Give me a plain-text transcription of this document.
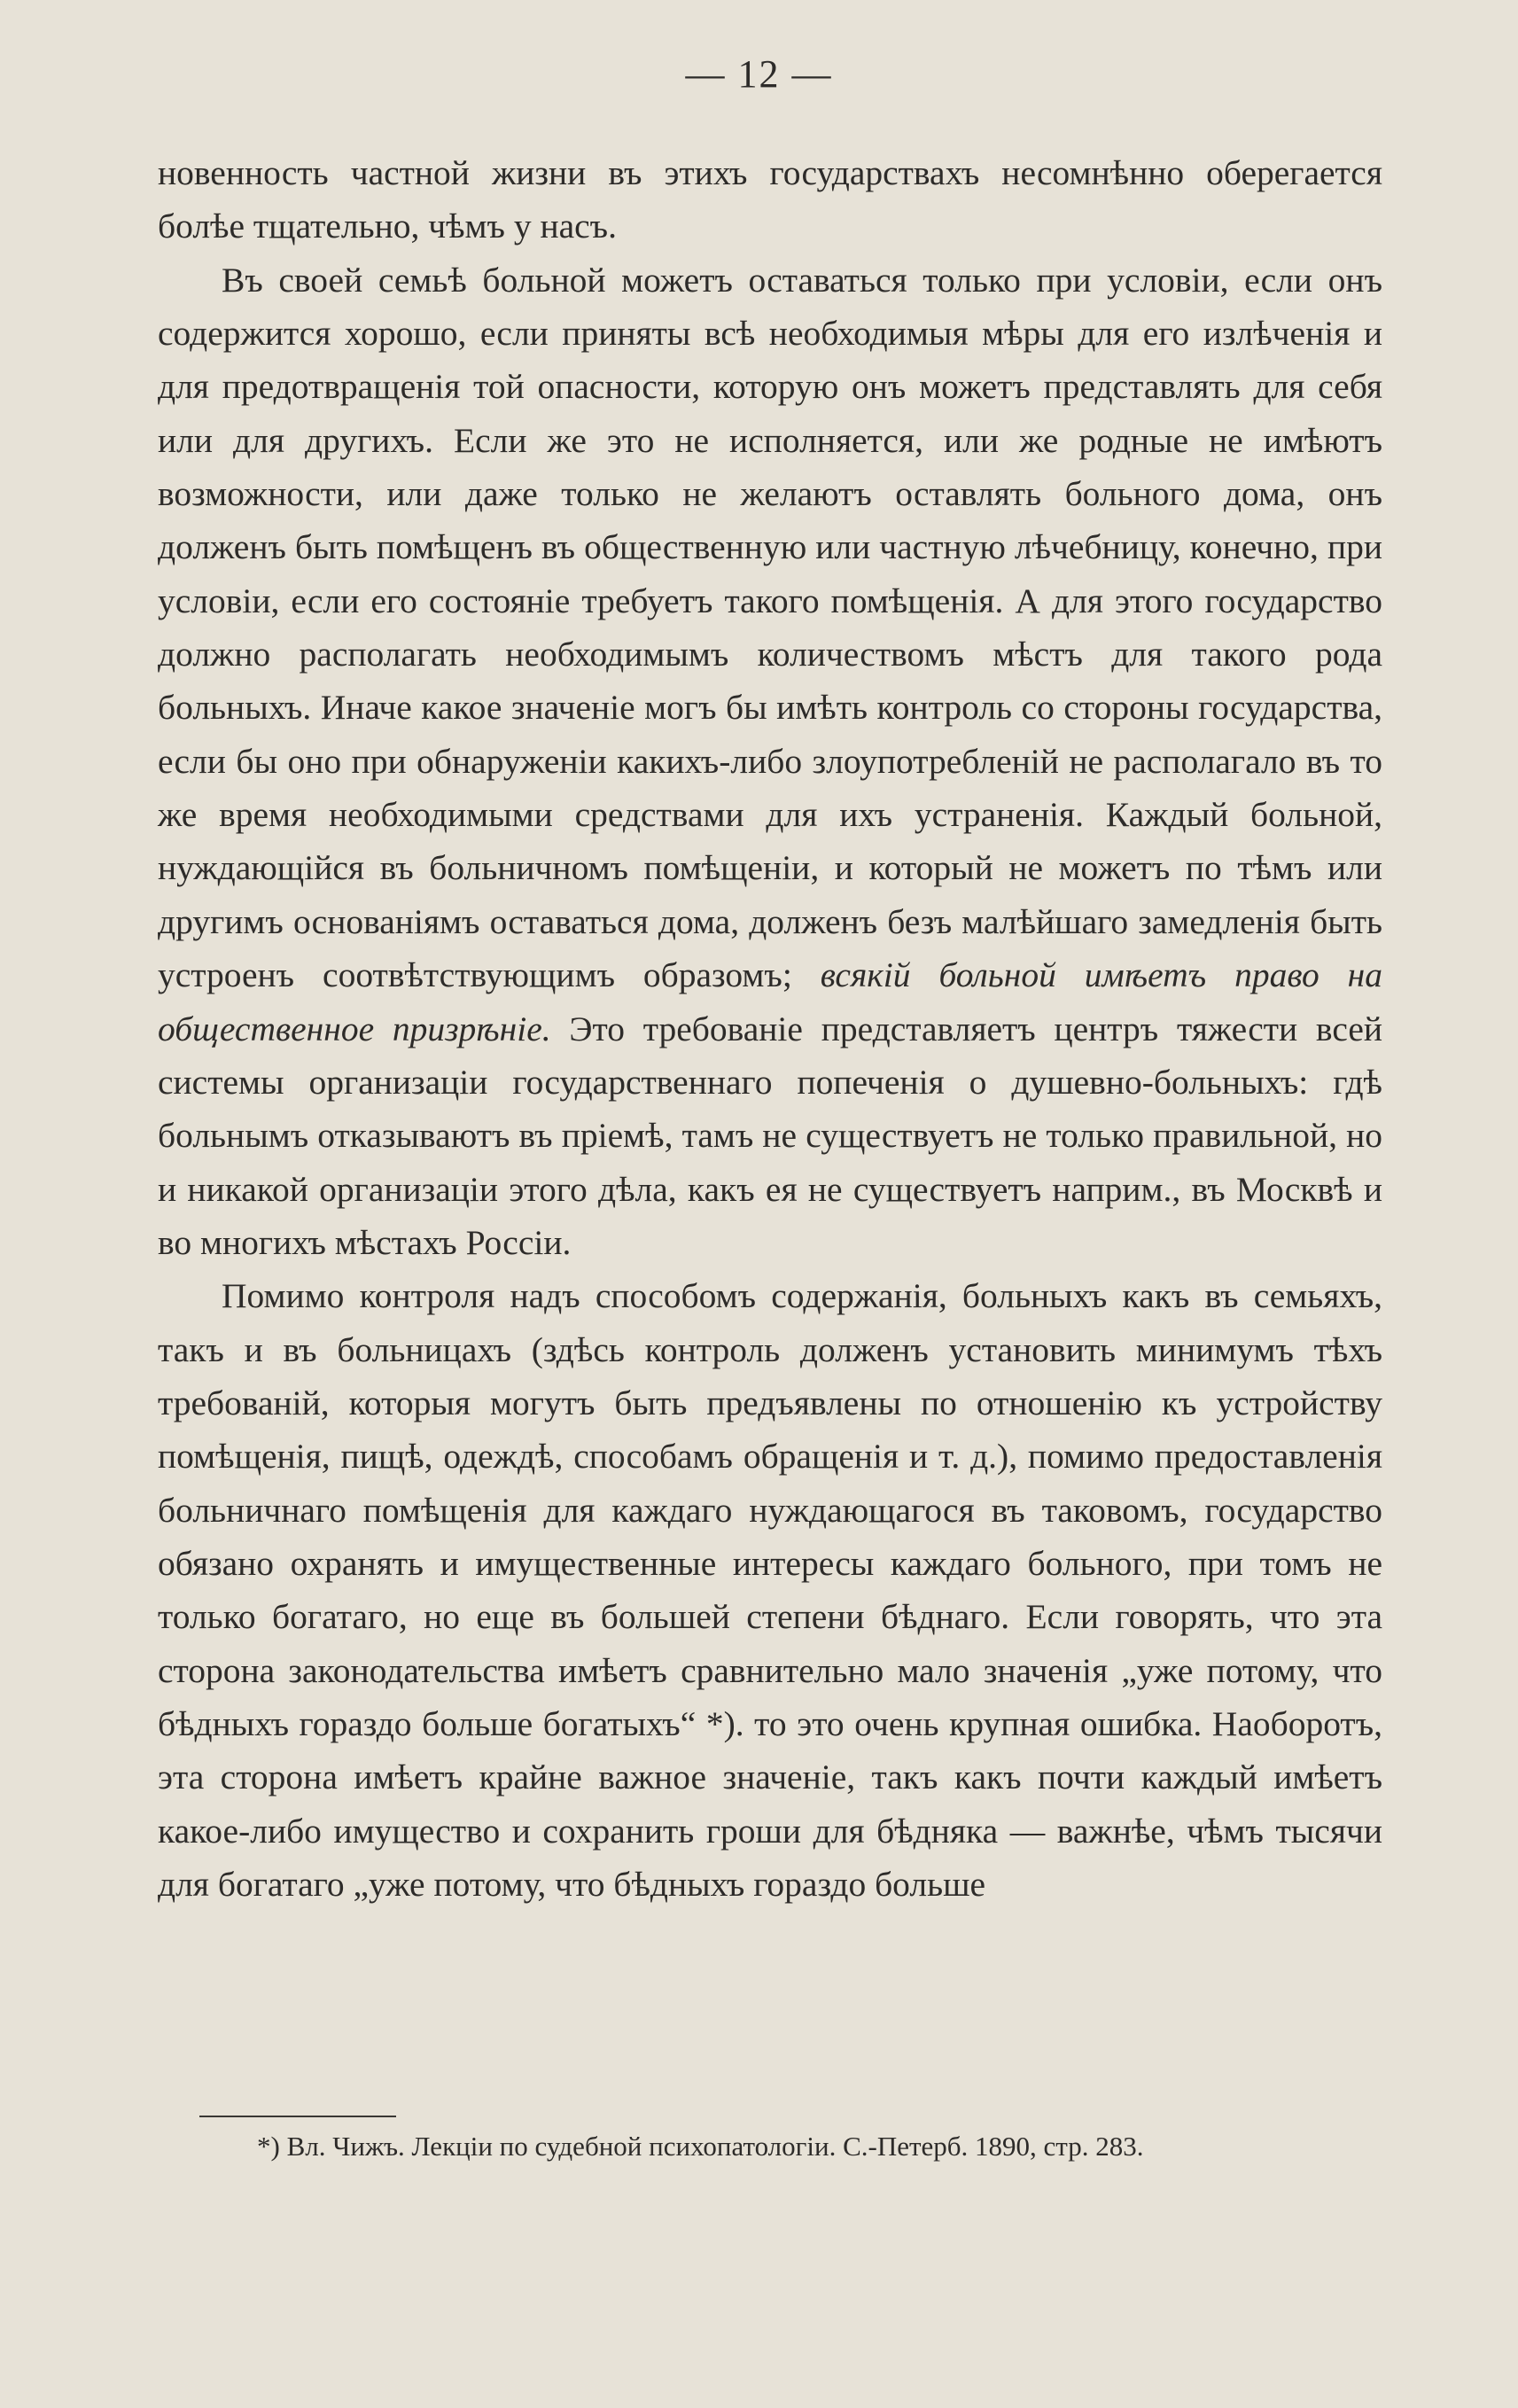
— 12 —

новенность частной жизни въ этихъ государствахъ несомнѣнно оберегается болѣе тщательно, чѣмъ у насъ.

Въ своей семьѣ больной можетъ оставаться только при условіи, если онъ содержится хорошо, если приняты всѣ необходимыя мѣры для его излѣченія и для предотвращенія той опасности, которую онъ можетъ представлять для себя или для другихъ. Если же это не исполняется, или же родные не имѣютъ возможности, или даже только не желаютъ оставлять больного дома, онъ долженъ быть помѣщенъ въ общественную или частную лѣчебницу, конечно, при условіи, если его состояніе требуетъ такого помѣщенія. А для этого государство должно располагать необходимымъ количествомъ мѣстъ для такого рода больныхъ. Иначе какое значеніе могъ бы имѣть контроль со стороны государства, если бы оно при обнаруженіи какихъ-либо злоупотребленій не располагало въ то же время необходимыми средствами для ихъ устраненія. Каждый больной, нуждающійся въ больничномъ помѣщеніи, и который не можетъ по тѣмъ или другимъ основаніямъ оставаться дома, долженъ безъ малѣйшаго замедленія быть устроенъ соотвѣтствующимъ образомъ; всякій больной имѣетъ право на общественное призрѣніе. Это требованіе представляетъ центръ тяжести всей системы организаціи государственнаго попеченія о душевно-больныхъ: гдѣ больнымъ отказываютъ въ пріемѣ, тамъ не существуетъ не только правильной, но и никакой организаціи этого дѣла, какъ ея не существуетъ наприм., въ Москвѣ и во многихъ мѣстахъ Россіи.

Помимо контроля надъ способомъ содержанія, больныхъ какъ въ семьяхъ, такъ и въ больницахъ (здѣсь контроль долженъ установить минимумъ тѣхъ требованій, которыя могутъ быть предъявлены по отношенію къ устройству помѣщенія, пищѣ, одеждѣ, способамъ обращенія и т. д.), помимо предоставленія больничнаго помѣщенія для каждаго нуждающагося въ таковомъ, государство обязано охранять и имущественные интересы каждаго больного, при томъ не только богатаго, но еще въ большей степени бѣднаго. Если говорять, что эта сторона законодательства имѣетъ сравнительно мало значенія „уже потому, что бѣдныхъ гораздо больше богатыхъ“ *). то это очень крупная ошибка. Наоборотъ, эта сторона имѣетъ крайне важное значеніе, такъ какъ почти каждый имѣетъ какое-либо имущество и сохранить гроши для бѣдняка — важнѣе, чѣмъ тысячи для богатаго „уже потому, что бѣдныхъ гораздо больше

*) Вл. Чижъ. Лекціи по судебной психопатологіи. С.-Петерб. 1890, стр. 283.
